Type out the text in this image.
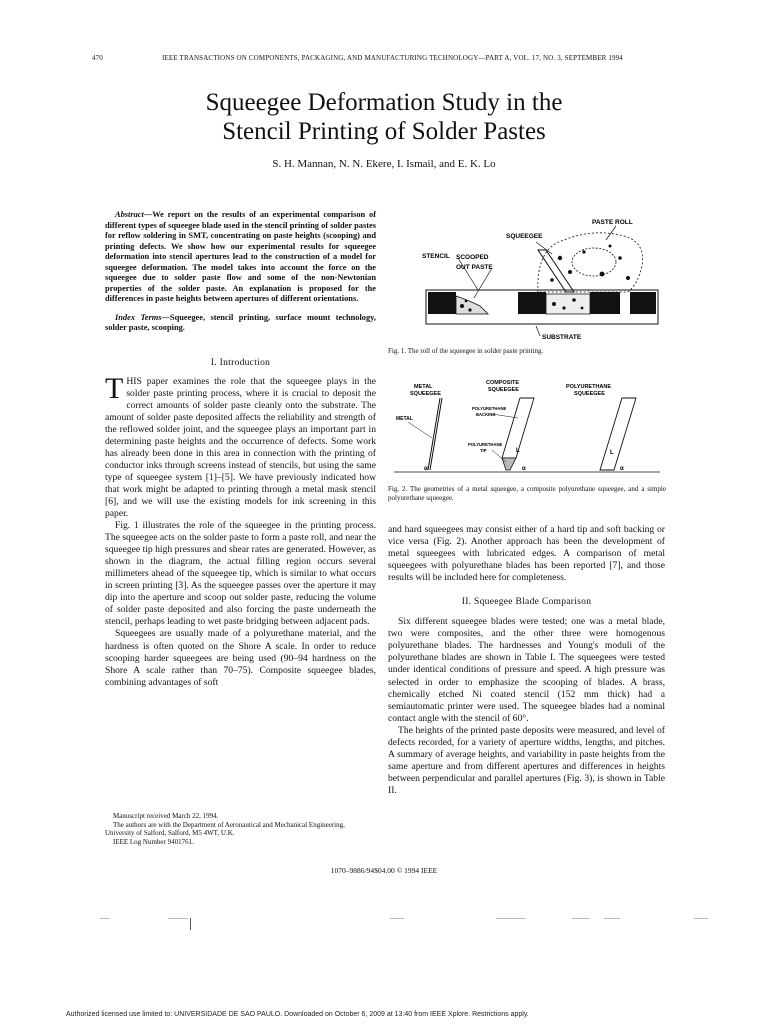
470	IEEE TRANSACTIONS ON COMPONENTS, PACKAGING, AND MANUFACTURING TECHNOLOGY—PART A, VOL. 17, NO. 3, SEPTEMBER 1994
Squeegee Deformation Study in the
Stencil Printing of Solder Pastes
S. H. Mannan, N. N. Ekere, I. Ismail, and E. K. Lo

Abstract—We report on the results of an experimental comparison of different types of squeegee blade used in the stencil printing of solder pastes for reflow soldering in SMT, concentrating on paste heights (scooping) and printing defects. We show how our experimental results for squeegee deformation into stencil apertures lead to the construction of a model for squeegee deformation. The model takes into account the force on the squeegee due to solder paste flow and some of the non-Newtonian properties of the solder paste. An explanation is proposed for the differences in paste heights between apertures of different orientations.

Index Terms—Squeegee, stencil printing, surface mount technology, solder paste, scooping.

I. Introduction

THIS paper examines the role that the squeegee plays in the solder paste printing process, where it is crucial to deposit the correct amounts of solder paste cleanly onto the substrate. The amount of solder paste deposited affects the reliability and strength of the reflowed solder joint, and the squeegee plays an important part in determining paste heights and the occurrence of defects. Some work has already been done in this area in connection with the printing of conductor inks through screens instead of stencils, but using the same type of squeegee system [1]–[5]. We have previously indicated how that work might be adapted to printing through a metal mask stencil [6], and we will use the existing models for ink screening in this paper.

Fig. 1 illustrates the role of the squeegee in the printing process. The squeegee acts on the solder paste to form a paste roll, and near the squeegee tip high pressures and shear rates are generated. However, as shown in the diagram, the actual filling region occurs several millimeters ahead of the squeegee tip, which is similar to what occurs in screen printing [3]. As the squeegee passes over the aperture it may dip into the aperture and scoop out solder paste, reducing the volume of solder paste deposited and also forcing the paste underneath the stencil, perhaps leading to wet paste bridging between adjacent pads.

Squeegees are usually made of a polyurethane material, and the hardness is often quoted on the Shore A scale. In order to reduce scooping harder squeegees are being used (90–94 hardness on the Shore A scale rather than 70–75). Composite squeegee blades, combining advantages of soft

Manuscript received March 22, 1994.

The authors are with the Department of Aeronautical and Mechanical Engineering, University of Salford, Salford, M5 4WT, U.K.

IEEE Log Number 9401761.

PASTE ROLL
SQUEEGEE
STENCIL SCOOPED
OUT PASTE
SUBSTRATE
Fig. 1. The roll of the squeegee in solder paste printing.
METAL
SQUEEGEE
METAL
α
COMPOSITE
SQUEEGEE
POLYURETHANE
BACKING
POLYURETHANE
TIP	L
α
POLYURETHANE
SQUEEGEE
L
α
Fig. 2. The geometries of a metal squeegee, a composite polyurethane squeegee, and a simple polyurethane squeegee.

and hard squeegees may consist either of a hard tip and soft backing or vice versa (Fig. 2). Another approach has been the development of metal squeegees with lubricated edges. A comparison of metal squeegees with polyurethane blades has been reported [7], and those results will be included here for completeness.

II. Squeegee Blade Comparison

Six different squeegee blades were tested; one was a metal blade, two were composites, and the other three were homogenous polyurethane blades. The hardnesses and Young's moduli of the polyurethane blades are shown in Table I. The squeegees were tested under identical conditions of pressure and speed. A high pressure was selected in order to emphasize the scooping of blades. A brass, chemically etched Ni coated stencil (152 mm thick) had a semiautomatic printer were used. The squeegee blades had a nominal contact angle with the stencil of 60°.

The heights of the printed paste deposits were measured, and level of defects recorded, for a variety of aperture widths, lengths, and pitches. A summary of average heights, and variability in paste heights from the same aperture and from different apertures and differences in heights between perpendicular and parallel apertures (Fig. 3), is shown in Table II.

1070–9886/94$04.00 © 1994 IEEE
Authorized licensed use limited to: UNIVERSIDADE DE SAO PAULO. Downloaded on October 6, 2009 at 13:40 from IEEE Xplore. Restrictions apply.
